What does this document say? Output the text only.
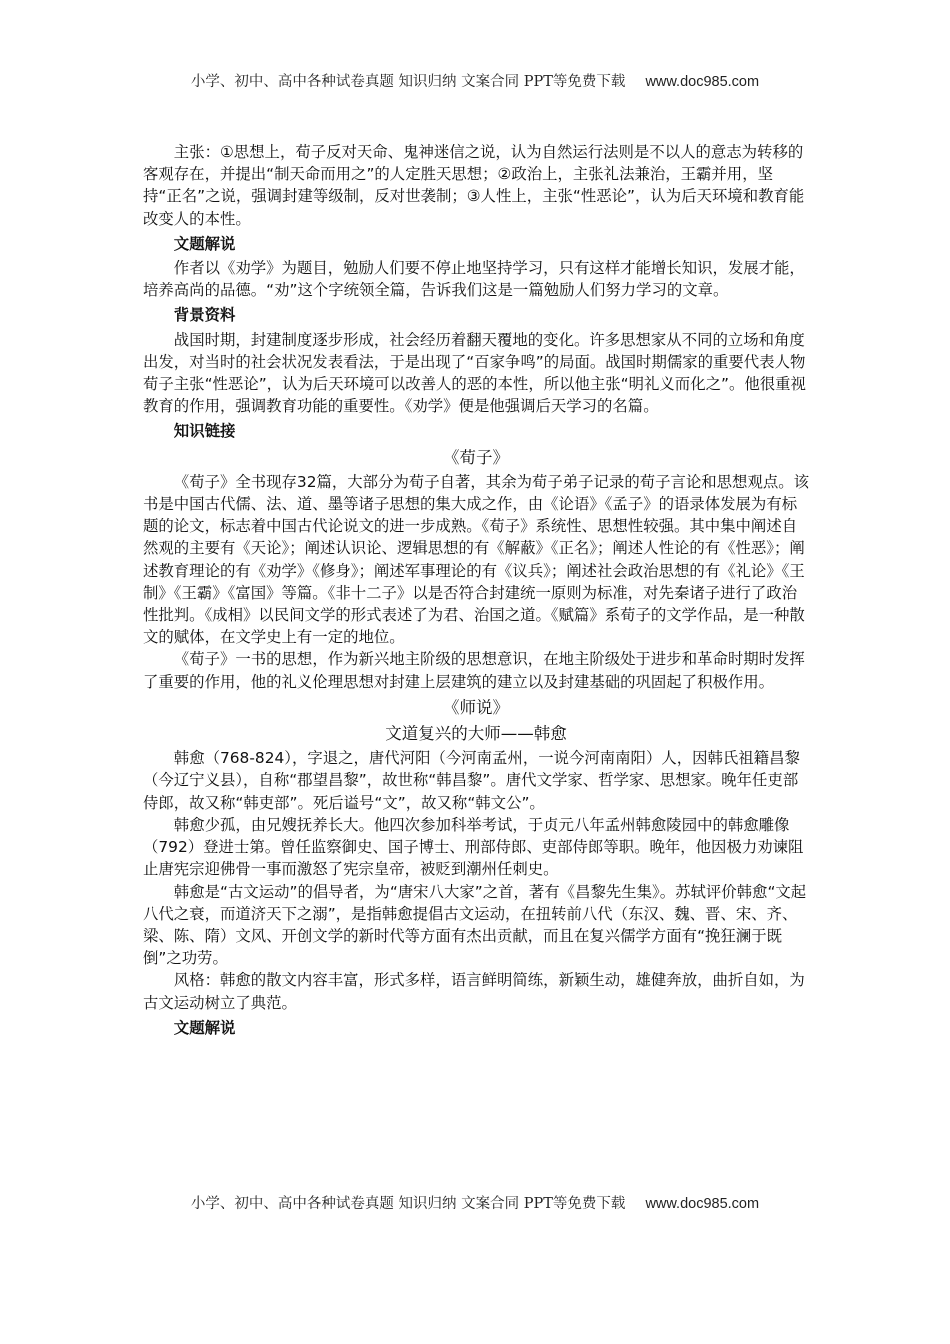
小学、初中、高中各种试卷真题 知识归纳 文案合同 PPT等免费下载 www.doc985.com

主张：①思想上，荀子反对天命、鬼神迷信之说，认为自然运行法则是不以人的意志为转移的客观存在，并提出“制天命而用之”的人定胜天思想；②政治上，主张礼法兼治，王霸并用，坚持“正名”之说，强调封建等级制，反对世袭制；③人性上，主张“性恶论”，认为后天环境和教育能改变人的本性。

文题解说

作者以《劝学》为题目，勉励人们要不停止地坚持学习，只有这样才能增长知识，发展才能，培养高尚的品德。“劝”这个字统领全篇，告诉我们这是一篇勉励人们努力学习的文章。

背景资料

战国时期，封建制度逐步形成，社会经历着翻天覆地的变化。许多思想家从不同的立场和角度出发，对当时的社会状况发表看法，于是出现了“百家争鸣”的局面。战国时期儒家的重要代表人物荀子主张“性恶论”，认为后天环境可以改善人的恶的本性，所以他主张“明礼义而化之”。他很重视教育的作用，强调教育功能的重要性。《劝学》便是他强调后天学习的名篇。

知识链接
《荀子》

《荀子》全书现存32篇，大部分为荀子自著，其余为荀子弟子记录的荀子言论和思想观点。该书是中国古代儒、法、道、墨等诸子思想的集大成之作，由《论语》《孟子》的语录体发展为有标题的论文，标志着中国古代论说文的进一步成熟。《荀子》系统性、思想性较强。其中集中阐述自然观的主要有《天论》；阐述认识论、逻辑思想的有《解蔽》《正名》；阐述人性论的有《性恶》；阐述教育理论的有《劝学》《修身》；阐述军事理论的有《议兵》；阐述社会政治思想的有《礼论》《王制》《王霸》《富国》等篇。《非十二子》以是否符合封建统一原则为标准，对先秦诸子进行了政治性批判。《成相》以民间文学的形式表述了为君、治国之道。《赋篇》系荀子的文学作品，是一种散文的赋体，在文学史上有一定的地位。

《荀子》一书的思想，作为新兴地主阶级的思想意识，在地主阶级处于进步和革命时期时发挥了重要的作用，他的礼义伦理思想对封建上层建筑的建立以及封建基础的巩固起了积极作用。

《师说》
文道复兴的大师——韩愈

韩愈（768-824），字退之，唐代河阳（今河南孟州，一说今河南南阳）人，因韩氏祖籍昌黎（今辽宁义县），自称“郡望昌黎”，故世称“韩昌黎”。唐代文学家、哲学家、思想家。晚年任吏部侍郎，故又称“韩吏部”。死后谥号“文”，故又称“韩文公”。

韩愈少孤，由兄嫂抚养长大。他四次参加科举考试，于贞元八年孟州韩愈陵园中的韩愈雕像（792）登进士第。曾任监察御史、国子博士、刑部侍郎、吏部侍郎等职。晚年，他因极力劝谏阻止唐宪宗迎佛骨一事而激怒了宪宗皇帝，被贬到潮州任刺史。

韩愈是“古文运动”的倡导者，为“唐宋八大家”之首，著有《昌黎先生集》。苏轼评价韩愈“文起八代之衰，而道济天下之溺”，是指韩愈提倡古文运动，在扭转前八代（东汉、魏、晋、宋、齐、梁、陈、隋）文风、开创文学的新时代等方面有杰出贡献，而且在复兴儒学方面有“挽狂澜于既倒”之功劳。

风格：韩愈的散文内容丰富，形式多样，语言鲜明简练，新颖生动，雄健奔放，曲折自如，为古文运动树立了典范。

文题解说
小学、初中、高中各种试卷真题 知识归纳 文案合同 PPT等免费下载 www.doc985.com
